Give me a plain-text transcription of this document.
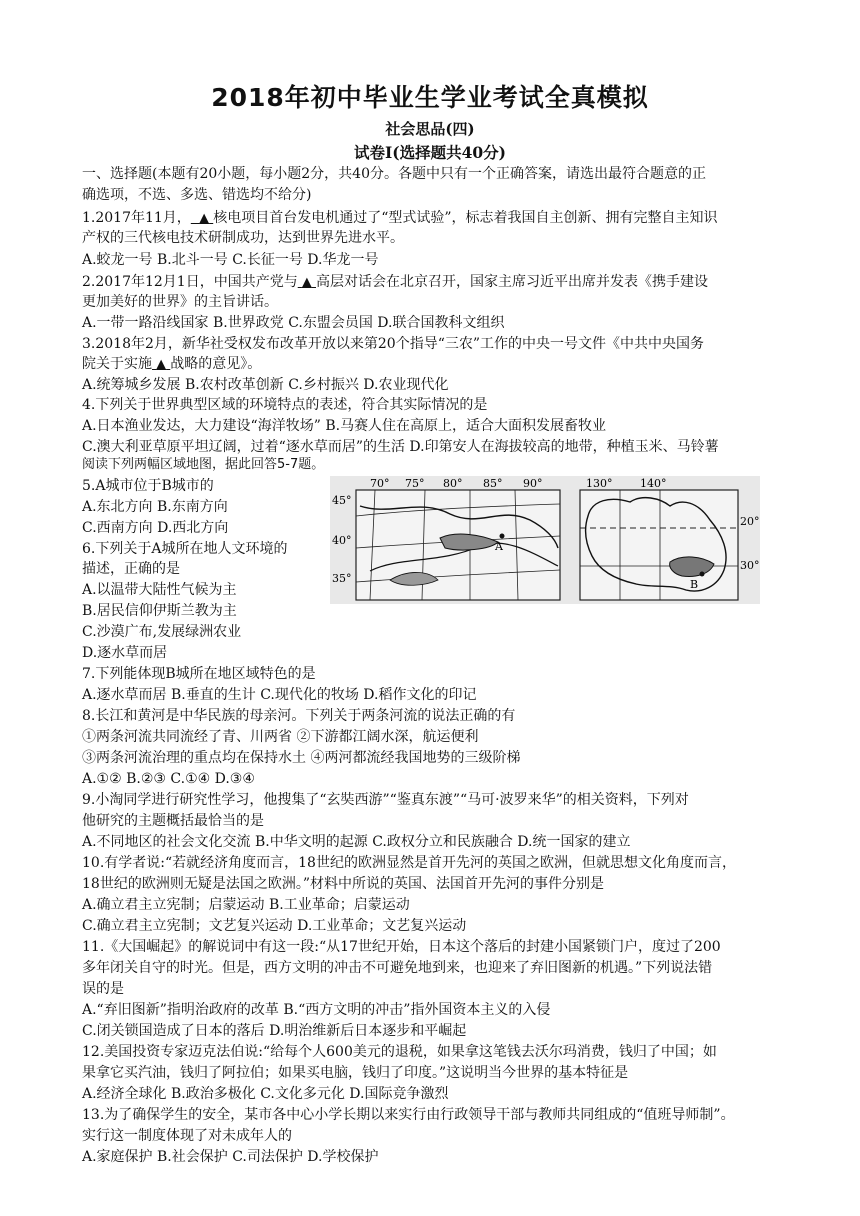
2018年初中毕业生学业考试全真模拟
社会思品(四)
试卷Ⅰ(选择题共40分)
一、选择题(本题有20小题，每小题2分，共40分。各题中只有一个正确答案，请选出最符合题意的正
确选项，不选、多选、错选均不给分)
1.2017年11月， ▲ 核电项目首台发电机通过了“型式试验”，标志着我国自主创新、拥有完整自主知识
产权的三代核电技术研制成功，达到世界先进水平。
A.蛟龙一号 B.北斗一号 C.长征一号 D.华龙一号
2.2017年12月1日，中国共产党与 ▲ 高层对话会在北京召开，国家主席习近平出席并发表《携手建设
更加美好的世界》的主旨讲话。
A.一带一路沿线国家 B.世界政党 C.东盟会员国 D.联合国教科文组织
3.2018年2月，新华社受权发布改革开放以来第20个指导“三农”工作的中央一号文件《中共中央国务
院关于实施 ▲ 战略的意见》。
A.统筹城乡发展 B.农村改革创新 C.乡村振兴 D.农业现代化
4.下列关于世界典型区域的环境特点的表述，符合其实际情况的是
A.日本渔业发达，大力建设“海洋牧场” B.马赛人住在高原上，适合大面积发展畜牧业
C.澳大利亚草原平坦辽阔，过着“逐水草而居”的生活 D.印第安人在海拔较高的地带，种植玉米、马铃薯
阅读下列两幅区域地图，据此回答5-7题。
5.A城市位于B城市的
A.东北方向 B.东南方向
C.西南方向 D.西北方向
6.下列关于A城所在地人文环境的
描述，正确的是
A.以温带大陆性气候为主
B.居民信仰伊斯兰教为主
C.沙漠广布,发展绿洲农业
D.逐水草而居
70° 75° 80° 85° 90°
45°
40°
35°
A
130°	140°
20°
30°
B
7.下列能体现B城所在地区域特色的是
A.逐水草而居 B.垂直的生计 C.现代化的牧场 D.稻作文化的印记
8.长江和黄河是中华民族的母亲河。下列关于两条河流的说法正确的有
①两条河流共同流经了青、川两省 ②下游都江阔水深，航运便利
③两条河流治理的重点均在保持水土 ④两河都流经我国地势的三级阶梯
A.①② B.②③ C.①④ D.③④
9.小淘同学进行研究性学习，他搜集了“玄奘西游”“鉴真东渡”“马可·波罗来华”的相关资料，下列对
他研究的主题概括最恰当的是
A.不同地区的社会文化交流 B.中华文明的起源 C.政权分立和民族融合 D.统一国家的建立
10.有学者说:“若就经济角度而言，18世纪的欧洲显然是首开先河的英国之欧洲，但就思想文化角度而言，
18世纪的欧洲则无疑是法国之欧洲。”材料中所说的英国、法国首开先河的事件分别是
A.确立君主立宪制；启蒙运动 B.工业革命；启蒙运动
C.确立君主立宪制；文艺复兴运动 D.工业革命；文艺复兴运动
11.《大国崛起》的解说词中有这一段:“从17世纪开始，日本这个落后的封建小国紧锁门户，度过了200
多年闭关自守的时光。但是，西方文明的冲击不可避免地到来，也迎来了弃旧图新的机遇。”下列说法错
误的是
A.“弃旧图新”指明治政府的改革 B.“西方文明的冲击”指外国资本主义的入侵
C.闭关锁国造成了日本的落后 D.明治维新后日本逐步和平崛起
12.美国投资专家迈克法伯说:“给每个人600美元的退税，如果拿这笔钱去沃尔玛消费，钱归了中国；如
果拿它买汽油，钱归了阿拉伯；如果买电脑，钱归了印度。”这说明当今世界的基本特征是
A.经济全球化 B.政治多极化 C.文化多元化 D.国际竞争激烈
13.为了确保学生的安全，某市各中心小学长期以来实行由行政领导干部与教师共同组成的“值班导师制”。
实行这一制度体现了对未成年人的
A.家庭保护 B.社会保护 C.司法保护 D.学校保护
